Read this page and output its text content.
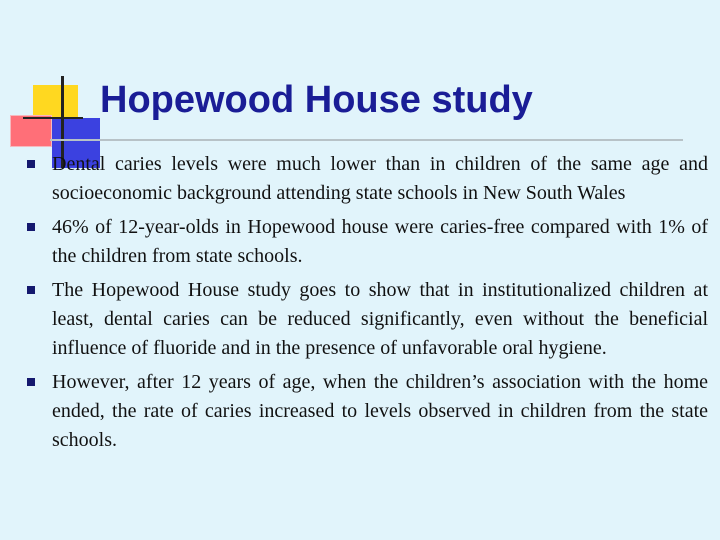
Hopewood House study
Dental caries levels were much lower than in children of the same age and socioeconomic background attending state schools in New South Wales
46% of 12-year-olds in Hopewood house were caries-free compared with 1% of the children from state schools.
The Hopewood House study goes to show that in institutionalized children at least, dental caries can be reduced significantly, even without the beneficial influence of fluoride and in the presence of unfavorable oral hygiene.
However, after 12 years of age, when the children’s association with the home ended, the rate of caries increased to levels observed in children from the state schools.
